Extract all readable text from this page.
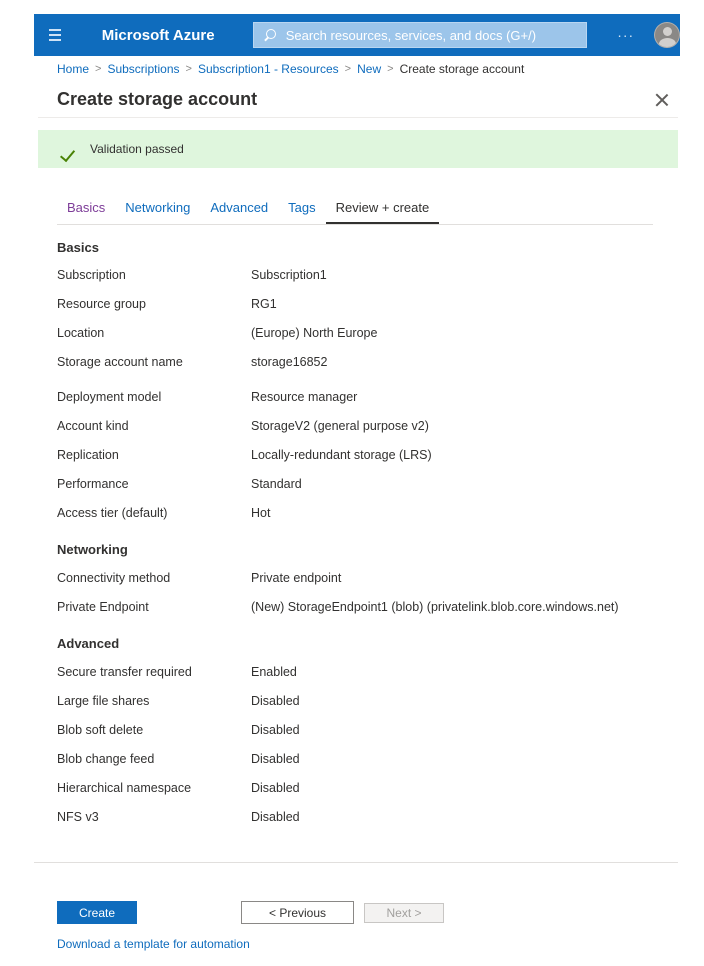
Microsoft Azure
Search resources, services, and docs (G+/)	···
Home > Subscriptions > Subscription1 - Resources > New > Create storage account
Create storage account
Validation passed
Basics	Networking	Advanced	Tags	Review + create
Basics
Subscription	Subscription1
Resource group	RG1
Location	(Europe) North Europe
Storage account name	storage16852
Deployment model	Resource manager
Account kind	StorageV2 (general purpose v2)
Replication	Locally-redundant storage (LRS)
Performance	Standard
Access tier (default)	Hot
Networking
Connectivity method	Private endpoint
Private Endpoint	(New) StorageEndpoint1 (blob) (privatelink.blob.core.windows.net)
Advanced
Secure transfer required	Enabled
Large file shares	Disabled
Blob soft delete	Disabled
Blob change feed	Disabled
Hierarchical namespace	Disabled
NFS v3	Disabled
Create	< Previous	Next >
Download a template for automation
